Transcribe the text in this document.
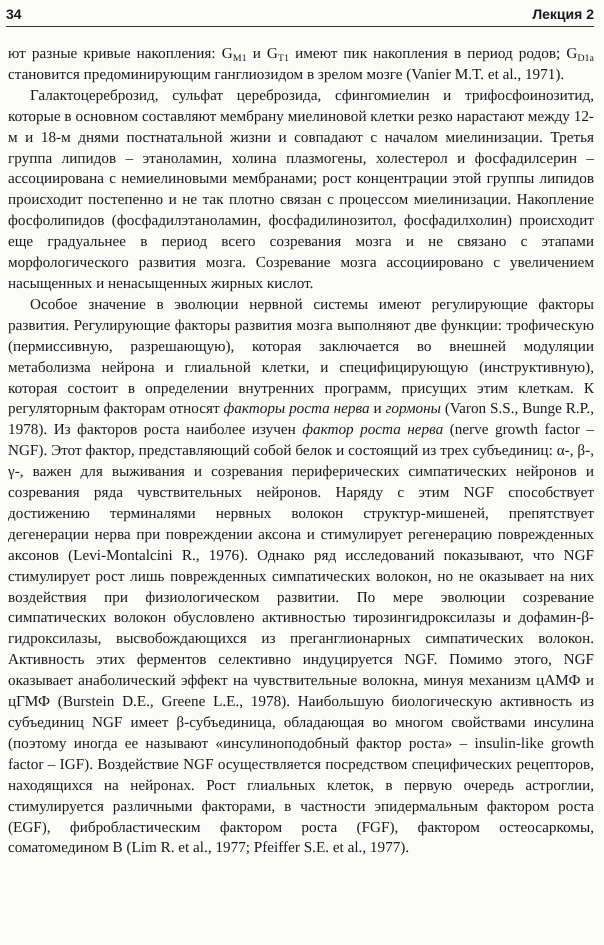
34	Лекция 2

ют разные кривые накопления: $G_{M1}$ и $G_{T1}$ имеют пик накопления в период родов; $G_{D1a}$ становится предоминирующим ганглиозидом в зрелом мозге (Vanier M.T. et al., 1971).

Галактоцереброзид, сульфат цереброзида, сфингомиелин и трифосфоинозитид, которые в основном составляют мембрану миелиновой клетки резко нарастают между 12-м и 18-м днями постнатальной жизни и совпадают с началом миелинизации. Третья группа липидов – этаноламин, холина плазмогены, холестерол и фосфадилсерин – ассоциирована с немиелиновыми мембранами; рост концентрации этой группы липидов происходит постепенно и не так плотно связан с процессом миелинизации. Накопление фосфолипидов (фосфадилэтаноламин, фосфадилинозитол, фосфадилхолин) происходит еще градуальнее в период всего созревания мозга и не связано с этапами морфологического развития мозга. Созревание мозга ассоциировано с увеличением насыщенных и ненасыщенных жирных кислот.

Особое значение в эволюции нервной системы имеют регулирующие факторы развития. Регулирующие факторы развития мозга выполняют две функции: трофическую (пермиссивную, разрешающую), которая заключается во внешней модуляции метаболизма нейрона и глиальной клетки, и специфицирующую (инструктивную), которая состоит в определении внутренних программ, присущих этим клеткам. К регуляторным факторам относят факторы роста нерва и гормоны (Varon S.S., Bunge R.P., 1978). Из факторов роста наиболее изучен фактор роста нерва (nerve growth factor – NGF). Этот фактор, представляющий собой белок и состоящий из трех субъединиц: α-, β-, γ-, важен для выживания и созревания периферических симпатических нейронов и созревания ряда чувствительных нейронов. Наряду с этим NGF способствует достижению терминалями нервных волокон структур-мишеней, препятствует дегенерации нерва при повреждении аксона и стимулирует регенерацию поврежденных аксонов (Levi-Montalcini R., 1976). Однако ряд исследований показывают, что NGF стимулирует рост лишь поврежденных симпатических волокон, но не оказывает на них воздействия при физиологическом развитии. По мере эволюции созревание симпатических волокон обусловлено активностью тирозингидроксилазы и дофамин-β-гидроксилазы, высвобождающихся из преганглионарных симпатических волокон. Активность этих ферментов селективно индуцируется NGF. Помимо этого, NGF оказывает анаболический эффект на чувствительные волокна, минуя механизм цАМФ и цГМФ (Burstein D.E., Greene L.E., 1978). Наибольшую биологическую активность из субъединиц NGF имеет β-субъединица, обладающая во многом свойствами инсулина (поэтому иногда ее называют «инсулиноподобный фактор роста» – insulin-like growth factor – IGF). Воздействие NGF осуществляется посредством специфических рецепторов, находящихся на нейронах. Рост глиальных клеток, в первую очередь астроглии, стимулируется различными факторами, в частности эпидермальным фактором роста (EGF), фибробластическим фактором роста (FGF), фактором остеосаркомы, соматомедином B (Lim R. et al., 1977; Pfeiffer S.E. et al., 1977).
